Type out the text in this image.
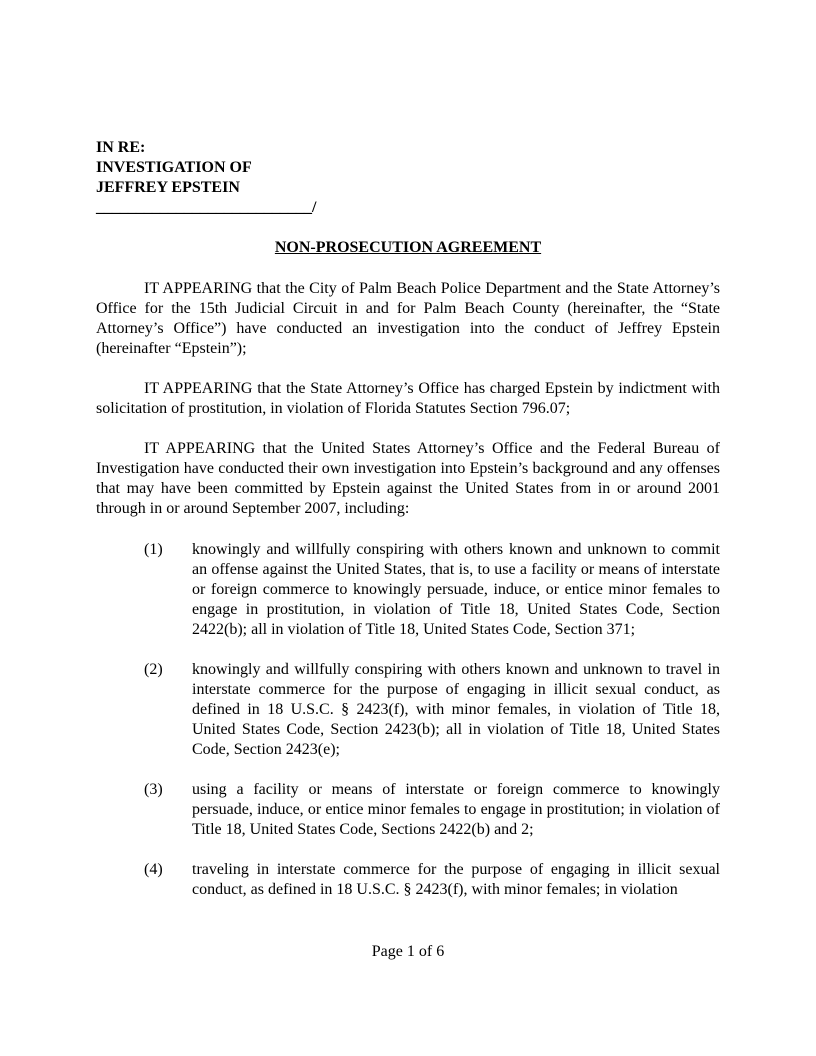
IN RE:
INVESTIGATION OF
JEFFREY EPSTEIN
___________________________/
NON-PROSECUTION AGREEMENT

IT APPEARING that the City of Palm Beach Police Department and the State Attorney’s Office for the 15th Judicial Circuit in and for Palm Beach County (hereinafter, the “State Attorney’s Office”) have conducted an investigation into the conduct of Jeffrey Epstein (hereinafter “Epstein”);

IT APPEARING that the State Attorney’s Office has charged Epstein by indictment with solicitation of prostitution, in violation of Florida Statutes Section 796.07;

IT APPEARING that the United States Attorney’s Office and the Federal Bureau of Investigation have conducted their own investigation into Epstein’s background and any offenses that may have been committed by Epstein against the United States from in or around 2001 through in or around September 2007, including:

(1) knowingly and willfully conspiring with others known and unknown to commit an offense against the United States, that is, to use a facility or means of interstate or foreign commerce to knowingly persuade, induce, or entice minor females to engage in prostitution, in violation of Title 18, United States Code, Section 2422(b); all in violation of Title 18, United States Code, Section 371;
(2) knowingly and willfully conspiring with others known and unknown to travel in interstate commerce for the purpose of engaging in illicit sexual conduct, as defined in 18 U.S.C. § 2423(f), with minor females, in violation of Title 18, United States Code, Section 2423(b); all in violation of Title 18, United States Code, Section 2423(e);
(3) using a facility or means of interstate or foreign commerce to knowingly persuade, induce, or entice minor females to engage in prostitution; in violation of Title 18, United States Code, Sections 2422(b) and 2;
(4) traveling in interstate commerce for the purpose of engaging in illicit sexual conduct, as defined in 18 U.S.C. § 2423(f), with minor females; in violation
Page 1 of 6
